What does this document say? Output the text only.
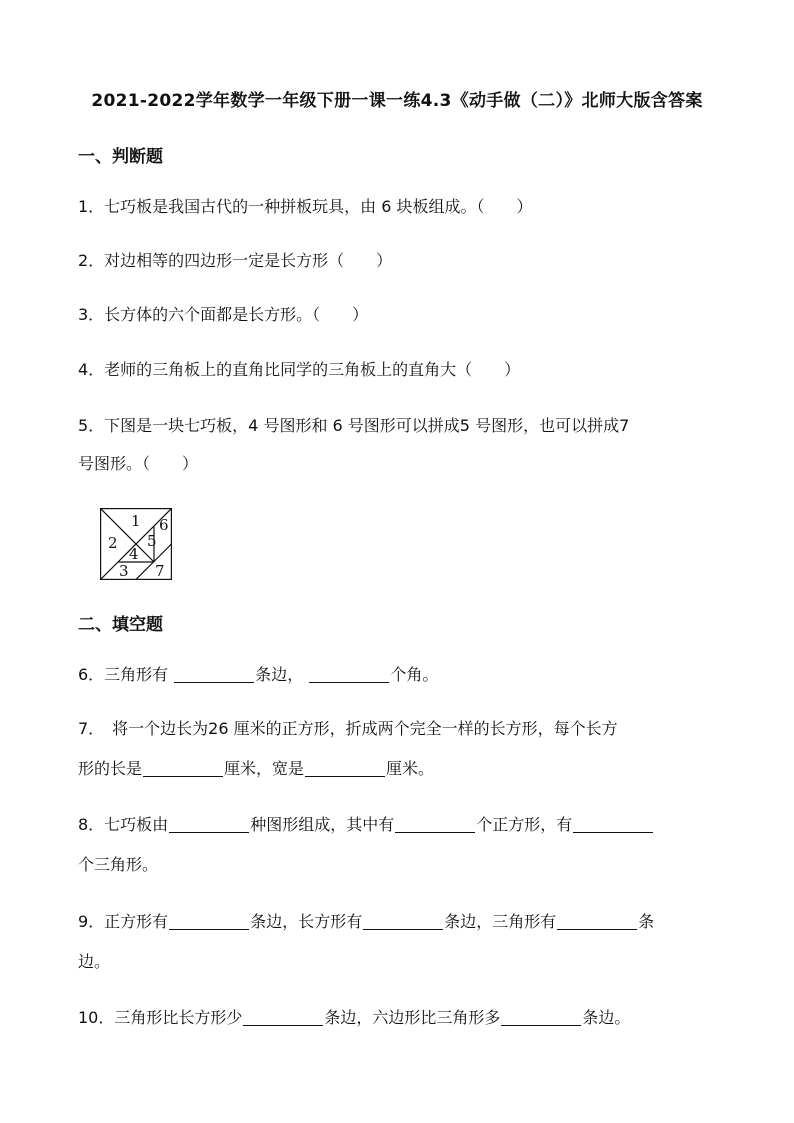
2021-2022学年数学一年级下册一课一练4.3《动手做（二）》北师大版含答案
一、判断题
1．七巧板是我国古代的一种拼板玩具，由 6 块板组成。（　　）
2．对边相等的四边形一定是长方形（　　）
3．长方体的六个面都是长方形。（　　）
4．老师的三角板上的直角比同学的三角板上的直角大（　　）
5．下图是一块七巧板，4 号图形和 6 号图形可以拼成5 号图形，也可以拼成7
号图形。（　　）
1
2
3
4
5
6
7
二、填空题
6．三角形有	条边，	个角。
7．　将一个边长为26 厘米的正方形，折成两个完全一样的长方形，每个长方
形的长是	厘米，宽是	厘米。
8．七巧板由	种图形组成，其中有	个正方形，有
个三角形。
9．正方形有	条边，长方形有	条边，三角形有	条
边。
10．三角形比长方形少	条边，六边形比三角形多	条边。
